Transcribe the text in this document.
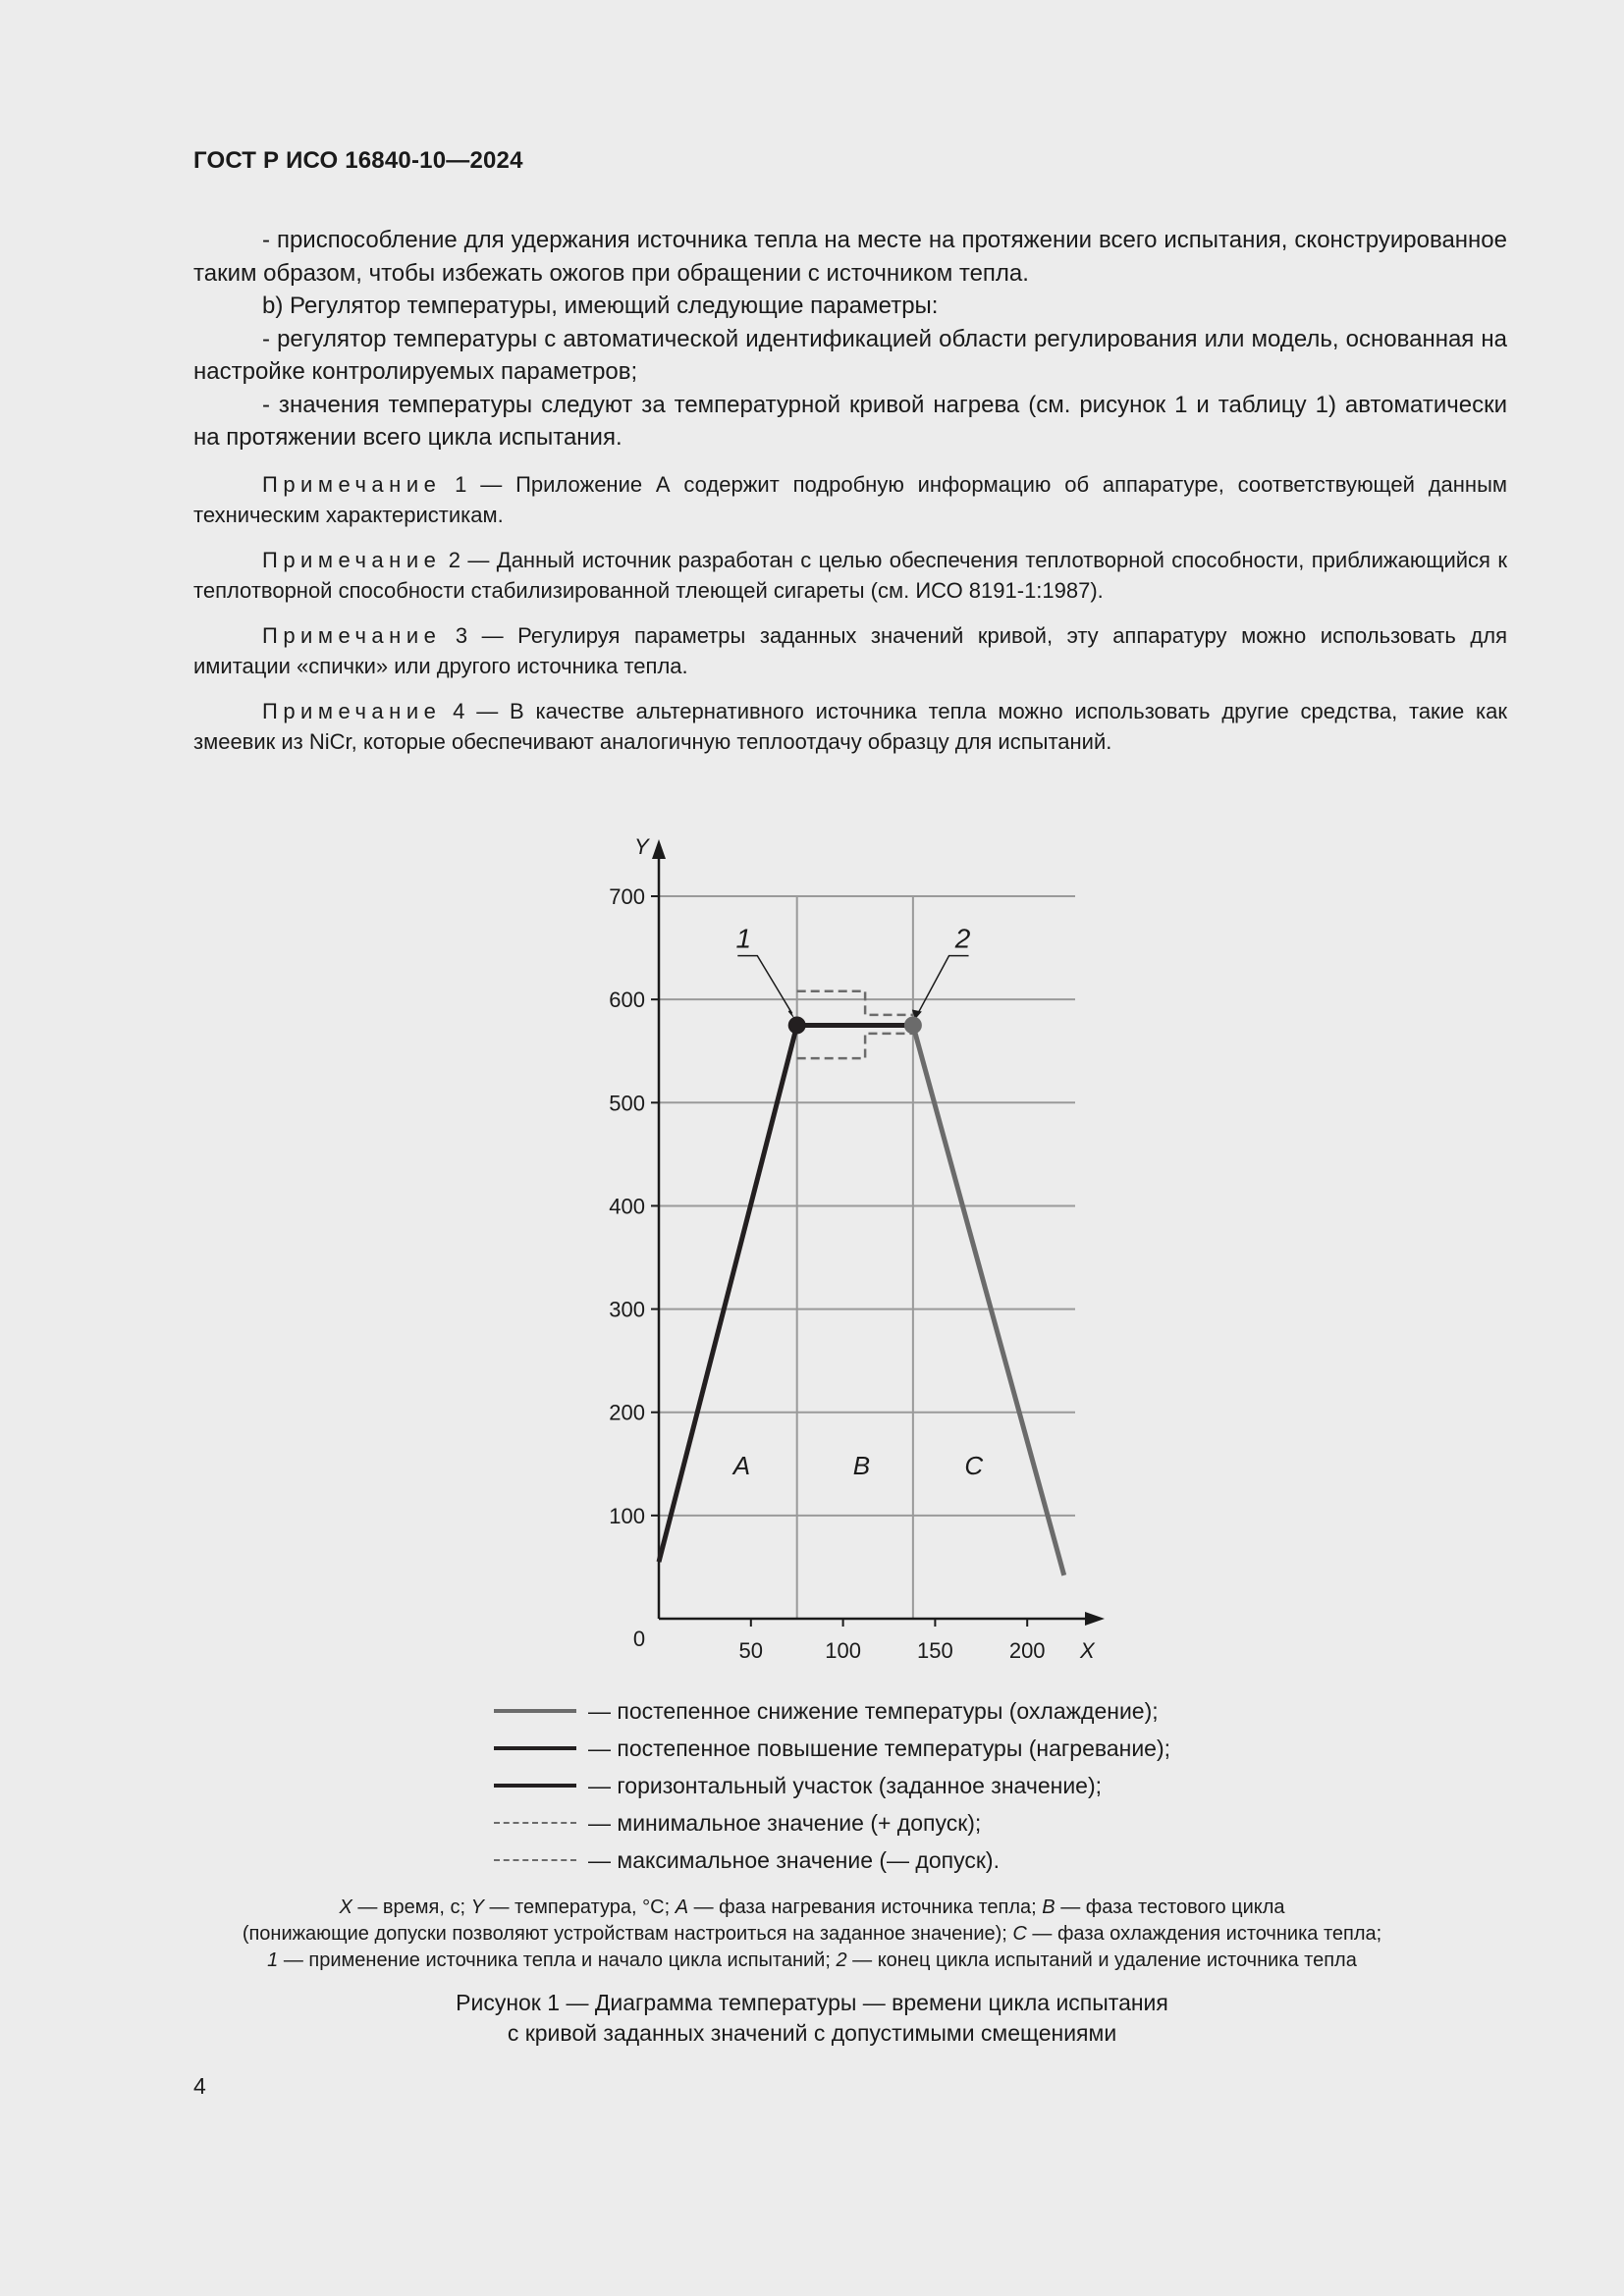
ГОСТ Р ИСО 16840-10—2024

- приспособление для удержания источника тепла на месте на протяжении всего испытания, сконструированное таким образом, чтобы избежать ожогов при обращении с источником тепла.

b) Регулятор температуры, имеющий следующие параметры:

- регулятор температуры с автоматической идентификацией области регулирования или модель, основанная на настройке контролируемых параметров;

- значения температуры следуют за температурной кривой нагрева (см. рисунок 1 и таблицу 1) автоматически на протяжении всего цикла испытания.

Примечание 1 — Приложение А содержит подробную информацию об аппаратуре, соответствующей данным техническим характеристикам.

Примечание 2 — Данный источник разработан с целью обеспечения теплотворной способности, приближающийся к теплотворной способности стабилизированной тлеющей сигареты (см. ИСО 8191-1:1987).

Примечание 3 — Регулируя параметры заданных значений кривой, эту аппаратуру можно использовать для имитации «спички» или другого источника тепла.

Примечание 4 — В качестве альтернативного источника тепла можно использовать другие средства, такие как змеевик из NiCr, которые обеспечивают аналогичную теплоотдачу образцу для испытаний.

100
200
300
400
500
600
700
50	100	150	200
Y
X
0
A	B	C
1	2
— постепенное снижение температуры (охлаждение);
— постепенное повышение температуры (нагревание);
— горизонтальный участок (заданное значение);
— минимальное значение (+ допуск);
— максимальное значение (— допуск).
X — время, с; Y — температура, °С; A — фаза нагревания источника тепла; B — фаза тестового цикла
(понижающие допуски позволяют устройствам настроиться на заданное значение); С — фаза охлаждения источника тепла;
1 — применение источника тепла и начало цикла испытаний; 2 — конец цикла испытаний и удаление источника тепла
Рисунок 1 — Диаграмма температуры — времени цикла испытания
с кривой заданных значений с допустимыми смещениями
4
